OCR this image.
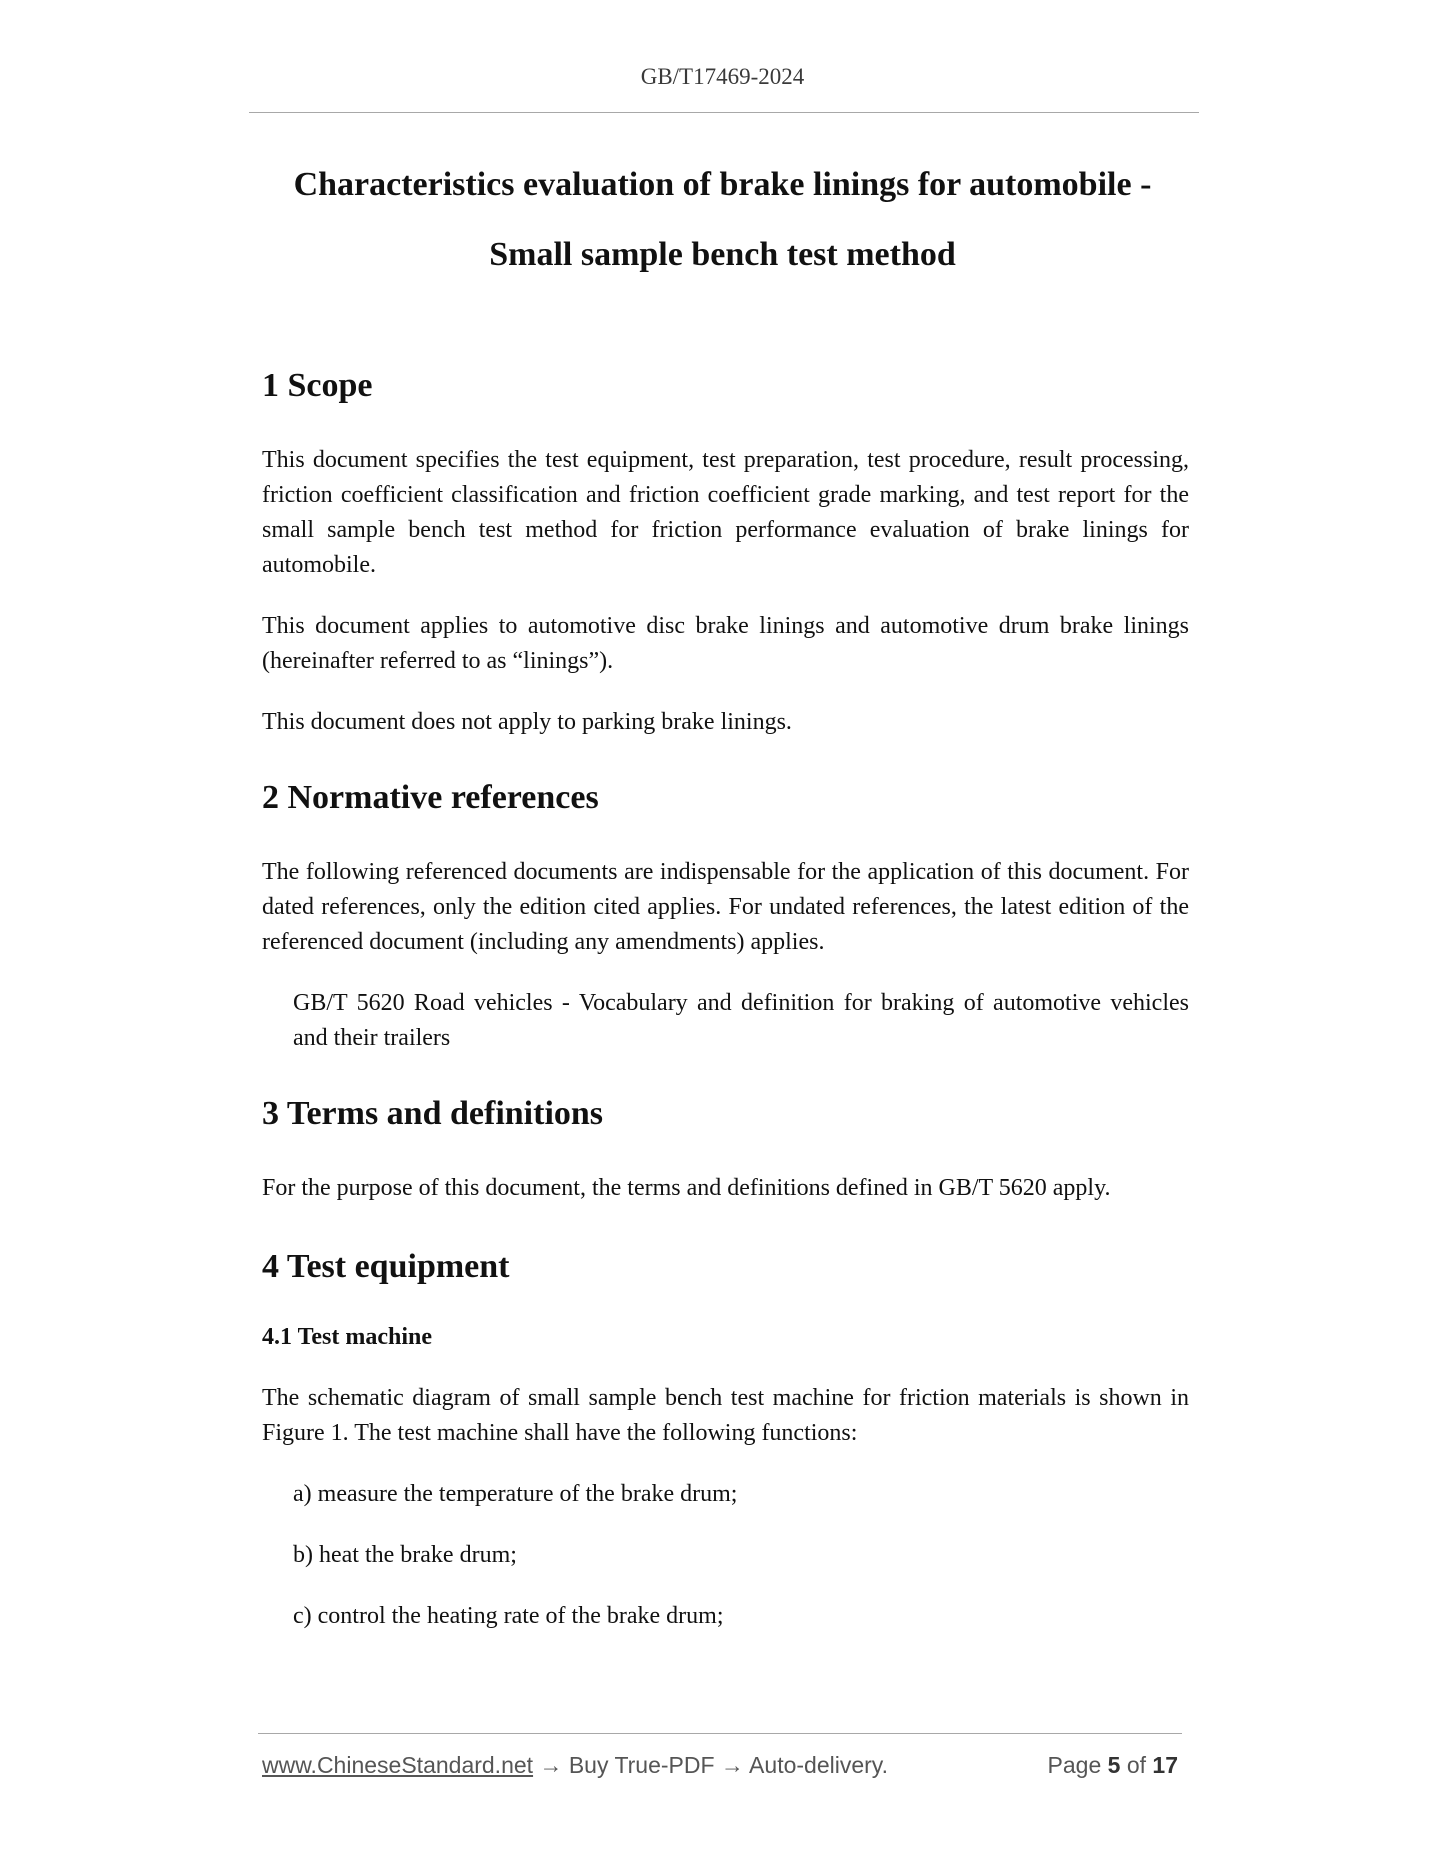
GB/T17469-2024
Characteristics evaluation of brake linings for automobile -
Small sample bench test method
1 Scope

This document specifies the test equipment, test preparation, test procedure, result processing, friction coefficient classification and friction coefficient grade marking, and test report for the small sample bench test method for friction performance evaluation of brake linings for automobile.

This document applies to automotive disc brake linings and automotive drum brake linings (hereinafter referred to as “linings”).

This document does not apply to parking brake linings.

2 Normative references

The following referenced documents are indispensable for the application of this document. For dated references, only the edition cited applies. For undated references, the latest edition of the referenced document (including any amendments) applies.

GB/T 5620 Road vehicles - Vocabulary and definition for braking of automotive vehicles and their trailers

3 Terms and definitions

For the purpose of this document, the terms and definitions defined in GB/T 5620 apply.

4 Test equipment
4.1 Test machine

The schematic diagram of small sample bench test machine for friction materials is shown in Figure 1. The test machine shall have the following functions:

a) measure the temperature of the brake drum;

b) heat the brake drum;

c) control the heating rate of the brake drum;

www.ChineseStandard.net → Buy True-PDF → Auto-delivery.	Page 5 of 17
